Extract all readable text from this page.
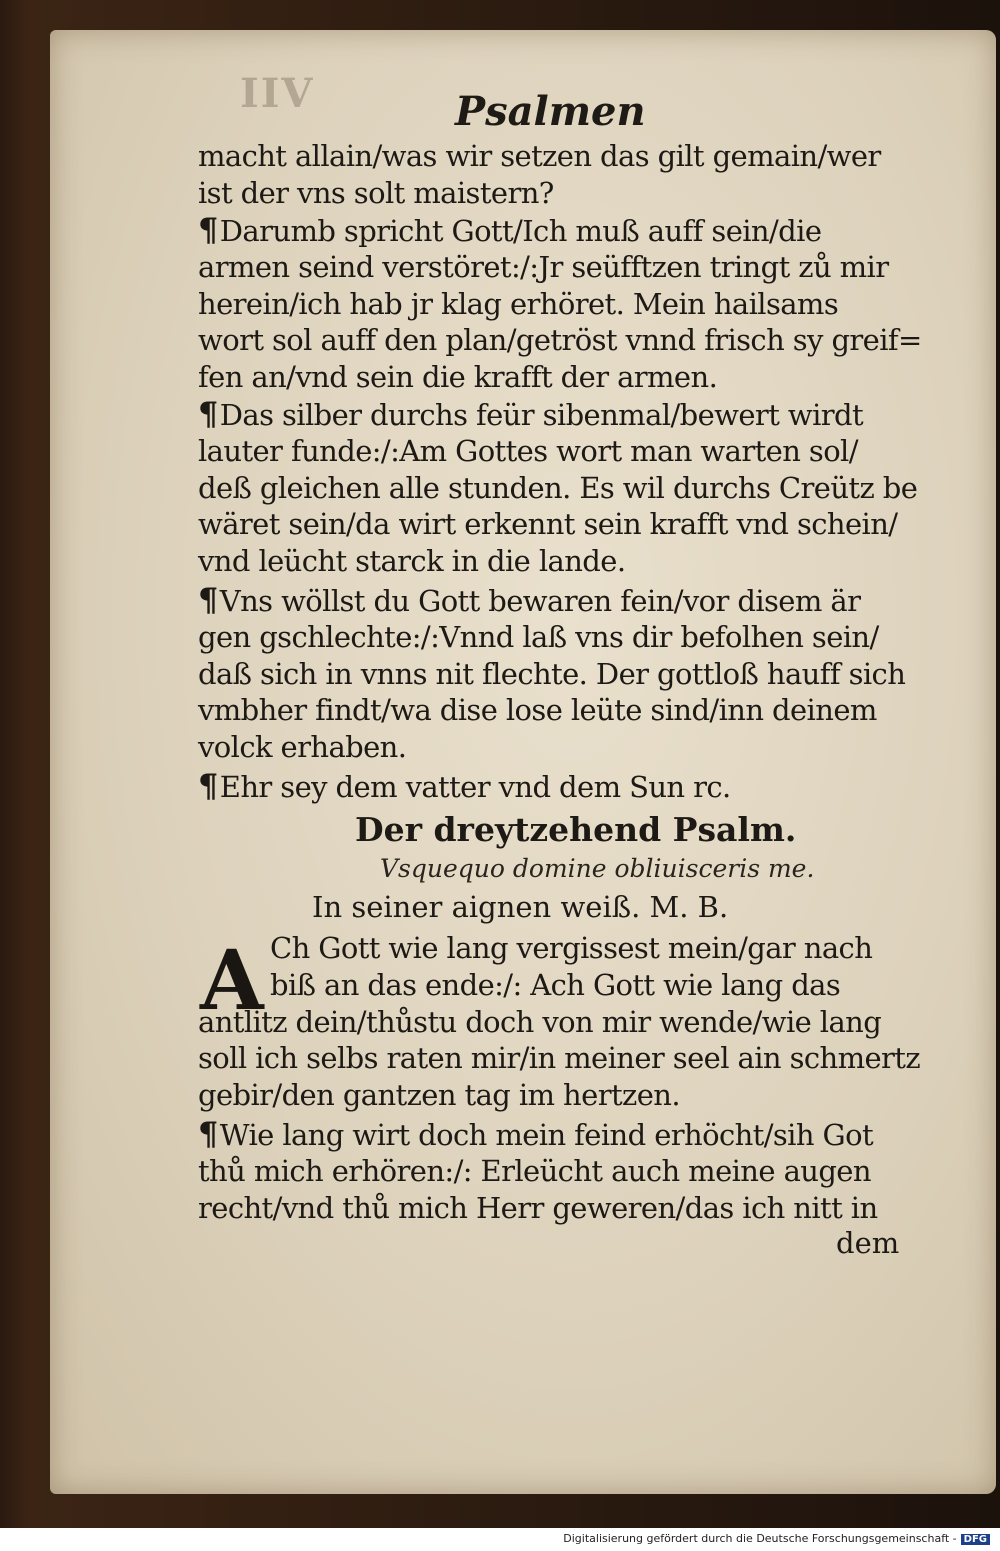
IIV	Psalmen
macht allain/was wir setzen das gilt gemain/wer
ist der vns solt maistern?
¶Darumb spricht Gott/Ich muß auff sein/die
armen seind verstöret:/:Jr seüfftzen tringt zů mir
herein/ich hab jr klag erhöret. Mein hailsams
wort sol auff den plan/getröst vnnd frisch sy greif=
fen an/vnd sein die krafft der armen.
¶Das silber durchs feür sibenmal/bewert wirdt
lauter funde:/:Am Gottes wort man warten sol/
deß gleichen alle stunden. Es wil durchs Creütz be
wäret sein/da wirt erkennt sein krafft vnd schein/
vnd leücht starck in die lande.
¶Vns wöllst du Gott bewaren fein/vor disem är
gen gschlechte:/:Vnnd laß vns dir befolhen sein/
daß sich in vnns nit flechte. Der gottloß hauff sich
vmbher findt/wa dise lose leüte sind/inn deinem
volck erhaben.
¶Ehr sey dem vatter vnd dem Sun rc.
Der dreytzehend Psalm.
Vsquequo domine obliuisceris me.
In seiner aignen weiß. M. B.
A Ch Gott wie lang vergissest mein/gar nach
biß an das ende:/: Ach Gott wie lang das
antlitz dein/thůstu doch von mir wende/wie lang
soll ich selbs raten mir/in meiner seel ain schmertz
gebir/den gantzen tag im hertzen.
¶Wie lang wirt doch mein feind erhöcht/sih Got
thů mich erhören:/: Erleücht auch meine augen
recht/vnd thů mich Herr geweren/das ich nitt in
dem
Digitalisierung gefördert durch die Deutsche Forschungsgemeinschaft - DFG
